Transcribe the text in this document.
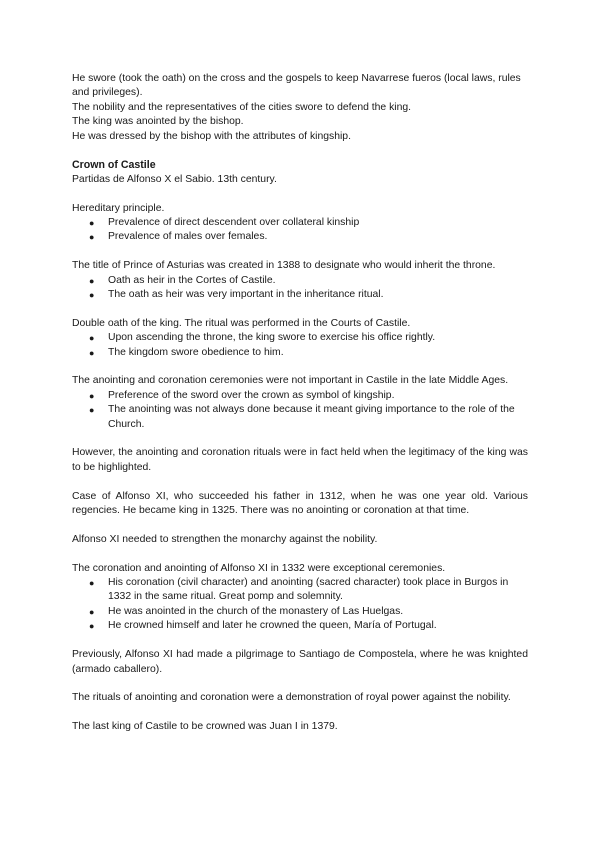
He swore (took the oath) on the cross and the gospels to keep Navarrese fueros (local laws, rules and privileges).

The nobility and the representatives of the cities swore to defend the king.

The king was anointed by the bishop.

He was dressed by the bishop with the attributes of kingship.

Crown of Castile

Partidas de Alfonso X el Sabio. 13th century.

Hereditary principle.

● Prevalence of direct descendent over collateral kinship
● Prevalence of males over females.

The title of Prince of Asturias was created in 1388 to designate who would inherit the throne.

● Oath as heir in the Cortes of Castile.
● The oath as heir was very important in the inheritance ritual.

Double oath of the king. The ritual was performed in the Courts of Castile.

● Upon ascending the throne, the king swore to exercise his office rightly.
● The kingdom swore obedience to him.

The anointing and coronation ceremonies were not important in Castile in the late Middle Ages.

● Preference of the sword over the crown as symbol of kingship.
● The anointing was not always done because it meant giving importance to the role of the Church.

However, the anointing and coronation rituals were in fact held when the legitimacy of the king was to be highlighted.

Case of Alfonso XI, who succeeded his father in 1312, when he was one year old. Various regencies. He became king in 1325. There was no anointing or coronation at that time.

Alfonso XI needed to strengthen the monarchy against the nobility.

The coronation and anointing of Alfonso XI in 1332 were exceptional ceremonies.

● His coronation (civil character) and anointing (sacred character) took place in Burgos in 1332 in the same ritual. Great pomp and solemnity.
● He was anointed in the church of the monastery of Las Huelgas.
● He crowned himself and later he crowned the queen, María of Portugal.

Previously, Alfonso XI had made a pilgrimage to Santiago de Compostela, where he was knighted (armado caballero).

The rituals of anointing and coronation were a demonstration of royal power against the nobility.

The last king of Castile to be crowned was Juan I in 1379.
